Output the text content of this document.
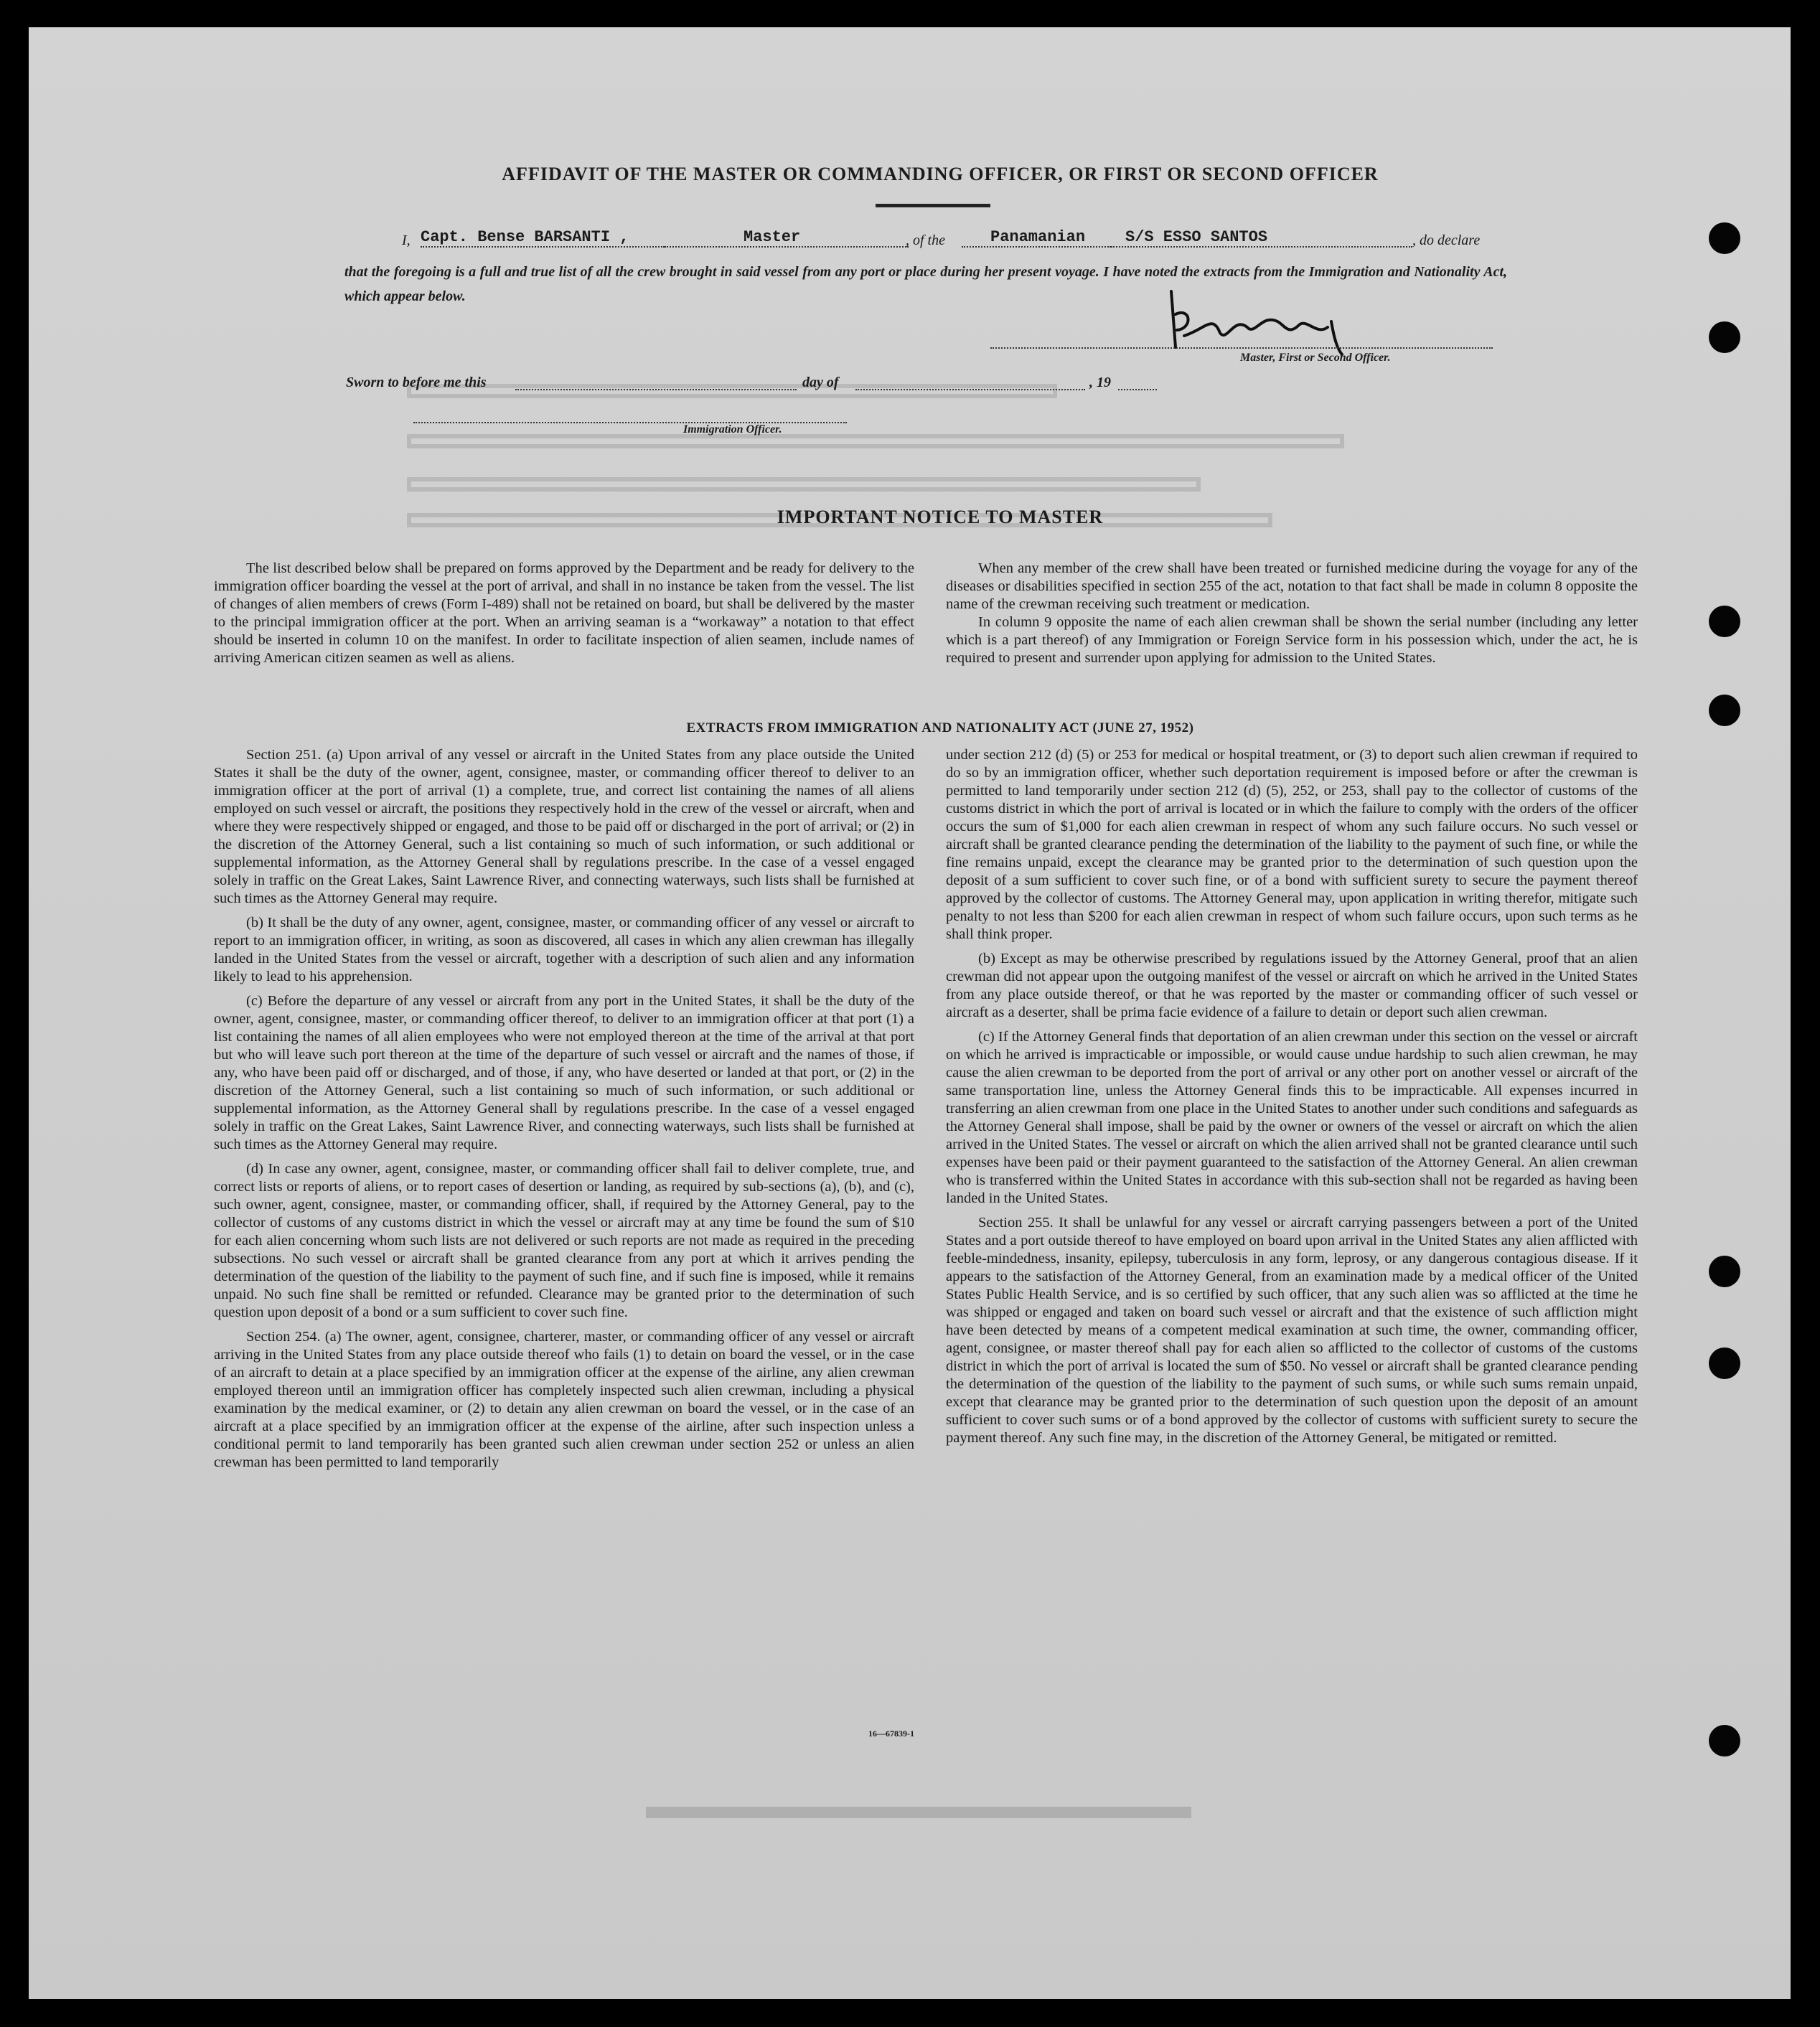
AFFIDAVIT OF THE MASTER OR COMMANDING OFFICER, OR FIRST OR SECOND OFFICER
I, Capt. Bense BARSANTI ,	Master	, of the	Panamanian	S/S ESSO SANTOS	, do declare
that the foregoing is a full and true list of all the crew brought in said vessel from any port or place during her present voyage. I have noted the extracts from the Immigration and Nationality Act, which appear below.
Master, First or Second Officer.
Sworn to before me this	day of	, 19
Immigration Officer.
IMPORTANT NOTICE TO MASTER

The list described below shall be prepared on forms approved by the Department and be ready for delivery to the immigration officer boarding the vessel at the port of arrival, and shall in no instance be taken from the vessel. The list of changes of alien members of crews (Form I-489) shall not be retained on board, but shall be delivered by the master to the principal immigration officer at the port. When an arriving seaman is a “workaway” a notation to that effect should be inserted in column 10 on the manifest. In order to facilitate inspection of alien seamen, include names of arriving American citizen seamen as well as aliens.

When any member of the crew shall have been treated or furnished medicine during the voyage for any of the diseases or disabilities specified in section 255 of the act, notation to that fact shall be made in column 8 opposite the name of the crewman receiving such treatment or medication.

In column 9 opposite the name of each alien crewman shall be shown the serial number (including any letter which is a part thereof) of any Immigration or Foreign Service form in his possession which, under the act, he is required to present and surrender upon applying for admission to the United States.

EXTRACTS FROM IMMIGRATION AND NATIONALITY ACT (JUNE 27, 1952)

Section 251. (a) Upon arrival of any vessel or aircraft in the United States from any place outside the United States it shall be the duty of the owner, agent, consignee, master, or commanding officer thereof to deliver to an immigration officer at the port of arrival (1) a complete, true, and correct list containing the names of all aliens employed on such vessel or aircraft, the positions they respectively hold in the crew of the vessel or aircraft, when and where they were respectively shipped or engaged, and those to be paid off or discharged in the port of arrival; or (2) in the discretion of the Attorney General, such a list containing so much of such information, or such additional or supplemental information, as the Attorney General shall by regulations prescribe. In the case of a vessel engaged solely in traffic on the Great Lakes, Saint Lawrence River, and connecting waterways, such lists shall be furnished at such times as the Attorney General may require.

(b) It shall be the duty of any owner, agent, consignee, master, or commanding officer of any vessel or aircraft to report to an immigration officer, in writing, as soon as discovered, all cases in which any alien crewman has illegally landed in the United States from the vessel or aircraft, together with a description of such alien and any information likely to lead to his apprehension.

(c) Before the departure of any vessel or aircraft from any port in the United States, it shall be the duty of the owner, agent, consignee, master, or commanding officer thereof, to deliver to an immigration officer at that port (1) a list containing the names of all alien employees who were not employed thereon at the time of the arrival at that port but who will leave such port thereon at the time of the departure of such vessel or aircraft and the names of those, if any, who have been paid off or discharged, and of those, if any, who have deserted or landed at that port, or (2) in the discretion of the Attorney General, such a list containing so much of such information, or such additional or supplemental information, as the Attorney General shall by regulations prescribe. In the case of a vessel engaged solely in traffic on the Great Lakes, Saint Lawrence River, and connecting waterways, such lists shall be furnished at such times as the Attorney General may require.

(d) In case any owner, agent, consignee, master, or commanding officer shall fail to deliver complete, true, and correct lists or reports of aliens, or to report cases of desertion or landing, as required by sub-sections (a), (b), and (c), such owner, agent, consignee, master, or commanding officer, shall, if required by the Attorney General, pay to the collector of customs of any customs district in which the vessel or aircraft may at any time be found the sum of $10 for each alien concerning whom such lists are not delivered or such reports are not made as required in the preceding subsections. No such vessel or aircraft shall be granted clearance from any port at which it arrives pending the determination of the question of the liability to the payment of such fine, and if such fine is imposed, while it remains unpaid. No such fine shall be remitted or refunded. Clearance may be granted prior to the determination of such question upon deposit of a bond or a sum sufficient to cover such fine.

Section 254. (a) The owner, agent, consignee, charterer, master, or commanding officer of any vessel or aircraft arriving in the United States from any place outside thereof who fails (1) to detain on board the vessel, or in the case of an aircraft to detain at a place specified by an immigration officer at the expense of the airline, any alien crewman employed thereon until an immigration officer has completely inspected such alien crewman, including a physical examination by the medical examiner, or (2) to detain any alien crewman on board the vessel, or in the case of an aircraft at a place specified by an immigration officer at the expense of the airline, after such inspection unless a conditional permit to land temporarily has been granted such alien crewman under section 252 or unless an alien crewman has been permitted to land temporarily

under section 212 (d) (5) or 253 for medical or hospital treatment, or (3) to deport such alien crewman if required to do so by an immigration officer, whether such deportation requirement is imposed before or after the crewman is permitted to land temporarily under section 212 (d) (5), 252, or 253, shall pay to the collector of customs of the customs district in which the port of arrival is located or in which the failure to comply with the orders of the officer occurs the sum of $1,000 for each alien crewman in respect of whom any such failure occurs. No such vessel or aircraft shall be granted clearance pending the determination of the liability to the payment of such fine, or while the fine remains unpaid, except the clearance may be granted prior to the determination of such question upon the deposit of a sum sufficient to cover such fine, or of a bond with sufficient surety to secure the payment thereof approved by the collector of customs. The Attorney General may, upon application in writing therefor, mitigate such penalty to not less than $200 for each alien crewman in respect of whom such failure occurs, upon such terms as he shall think proper.

(b) Except as may be otherwise prescribed by regulations issued by the Attorney General, proof that an alien crewman did not appear upon the outgoing manifest of the vessel or aircraft on which he arrived in the United States from any place outside thereof, or that he was reported by the master or commanding officer of such vessel or aircraft as a deserter, shall be prima facie evidence of a failure to detain or deport such alien crewman.

(c) If the Attorney General finds that deportation of an alien crewman under this section on the vessel or aircraft on which he arrived is impracticable or impossible, or would cause undue hardship to such alien crewman, he may cause the alien crewman to be deported from the port of arrival or any other port on another vessel or aircraft of the same transportation line, unless the Attorney General finds this to be impracticable. All expenses incurred in transferring an alien crewman from one place in the United States to another under such conditions and safeguards as the Attorney General shall impose, shall be paid by the owner or owners of the vessel or aircraft on which the alien arrived in the United States. The vessel or aircraft on which the alien arrived shall not be granted clearance until such expenses have been paid or their payment guaranteed to the satisfaction of the Attorney General. An alien crewman who is transferred within the United States in accordance with this sub-section shall not be regarded as having been landed in the United States.

Section 255. It shall be unlawful for any vessel or aircraft carrying passengers between a port of the United States and a port outside thereof to have employed on board upon arrival in the United States any alien afflicted with feeble-mindedness, insanity, epilepsy, tuberculosis in any form, leprosy, or any dangerous contagious disease. If it appears to the satisfaction of the Attorney General, from an examination made by a medical officer of the United States Public Health Service, and is so certified by such officer, that any such alien was so afflicted at the time he was shipped or engaged and taken on board such vessel or aircraft and that the existence of such affliction might have been detected by means of a competent medical examination at such time, the owner, commanding officer, agent, consignee, or master thereof shall pay for each alien so afflicted to the collector of customs of the customs district in which the port of arrival is located the sum of $50. No vessel or aircraft shall be granted clearance pending the determination of the question of the liability to the payment of such sums, or while such sums remain unpaid, except that clearance may be granted prior to the determination of such question upon the deposit of an amount sufficient to cover such sums or of a bond approved by the collector of customs with sufficient surety to secure the payment thereof. Any such fine may, in the discretion of the Attorney General, be mitigated or remitted.

16—67839-1
